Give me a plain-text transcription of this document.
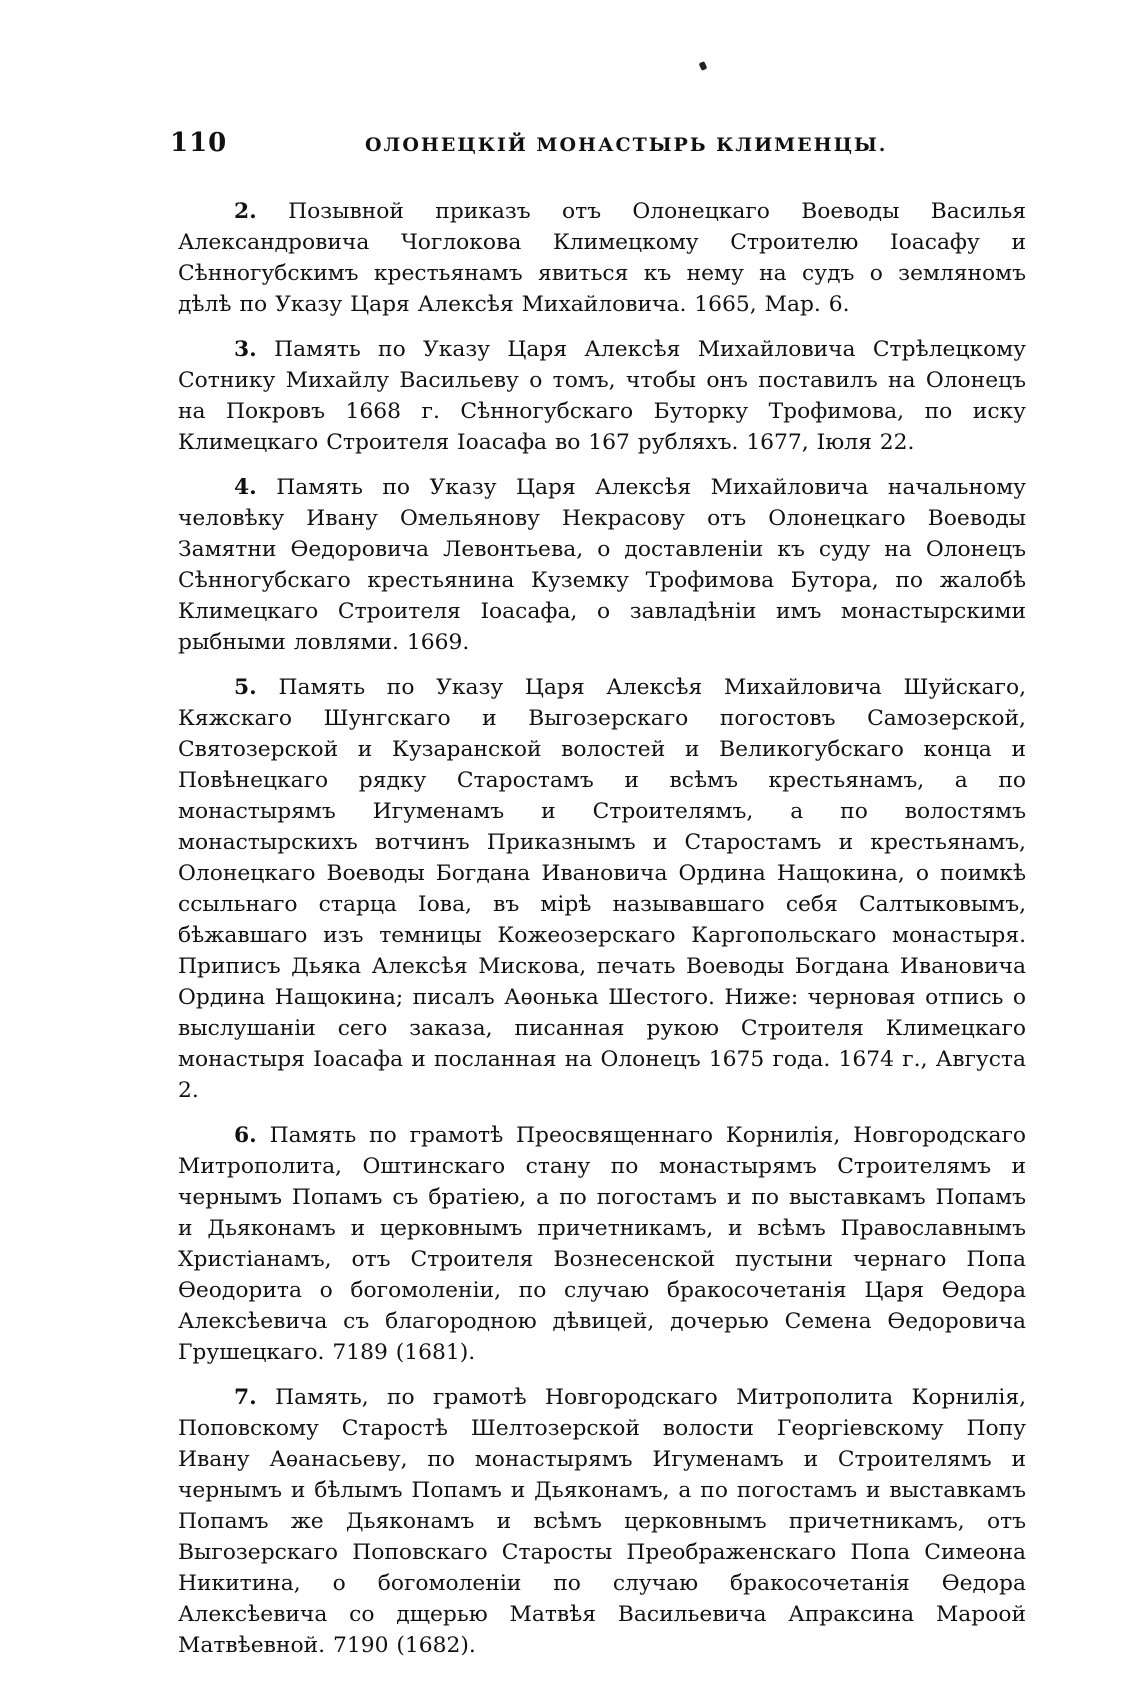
110	ОЛОНЕЦКІЙ МОНАСТЫРЬ КЛИМЕНЦЫ.

2. Позывной приказъ отъ Олонецкаго Воеводы Василья Александровича Чоглокова Климецкому Строителю Іоасафу и Сѣнногубскимъ крестьянамъ явиться къ нему на судъ о земляномъ дѣлѣ по Указу Царя Алексѣя Михайловича. 1665, Мар. 6.

3. Память по Указу Царя Алексѣя Михайловича Стрѣлецкому Сотнику Михайлу Васильеву о томъ, чтобы онъ поставилъ на Олонецъ на Покровъ 1668 г. Сѣнногубскаго Буторку Трофимова, по иску Климецкаго Строителя Іоасафа во 167 рубляхъ. 1677, Іюля 22.

4. Память по Указу Царя Алексѣя Михайловича начальному человѣку Ивану Омельянову Некрасову отъ Олонецкаго Воеводы Замятни Ѳедоровича Левонтьева, о доставленіи къ суду на Олонецъ Сѣнногубскаго крестьянина Куземку Трофимова Бутора, по жалобѣ Климецкаго Строителя Іоасафа, о завладѣніи имъ монастырскими рыбными ловлями. 1669.

5. Память по Указу Царя Алексѣя Михайловича Шуйскаго, Кяжскаго Шунгскаго и Выгозерскаго погостовъ Самозерской, Святозерской и Кузаранской волостей и Великогубскаго конца и Повѣнецкаго рядку Старостамъ и всѣмъ крестьянамъ, а по монастырямъ Игуменамъ и Строителямъ, а по волостямъ монастырскихъ вотчинъ Приказнымъ и Старостамъ и крестьянамъ, Олонецкаго Воеводы Богдана Ивановича Ордина Нащокина, о поимкѣ ссыльнаго старца Іова, въ мірѣ называвшаго себя Салтыковымъ, бѣжавшаго изъ темницы Кожеозерскаго Каргопольскаго монастыря. Приписъ Дьяка Алексѣя Мискова, печать Воеводы Богдана Ивановича Ордина Нащокина; писалъ Аѳонька Шестого. Ниже: черновая отпись о выслушаніи сего заказа, писанная рукою Строителя Климецкаго монастыря Іоасафа и посланная на Олонецъ 1675 года. 1674 г., Августа 2.

6. Память по грамотѣ Преосвященнаго Корнилія, Новгородскаго Митрополита, Оштинскаго стану по монастырямъ Строителямъ и чернымъ Попамъ съ братіею, а по погостамъ и по выставкамъ Попамъ и Дьяконамъ и церковнымъ причетникамъ, и всѣмъ Православнымъ Христіанамъ, отъ Строителя Вознесенской пустыни чернаго Попа Ѳеодорита о богомоленіи, по случаю бракосочетанія Царя Ѳедора Алексѣевича съ благородною дѣвицей, дочерью Семена Ѳедоровича Грушецкаго. 7189 (1681).

7. Память, по грамотѣ Новгородскаго Митрополита Корнилія, Поповскому Старостѣ Шелтозерской волости Георгіевскому Попу Ивану Аѳанасьеву, по монастырямъ Игуменамъ и Строителямъ и чернымъ и бѣлымъ Попамъ и Дьяконамъ, а по погостамъ и выставкамъ Попамъ же Дьяконамъ и всѣмъ церковнымъ причетникамъ, отъ Выгозерскаго Поповскаго Старосты Преображенскаго Попа Симеона Никитина, о богомоленіи по случаю бракосочетанія Ѳедора Алексѣевича со дщерью Матвѣя Васильевича Апраксина Мароой Матвѣевной. 7190 (1682).
